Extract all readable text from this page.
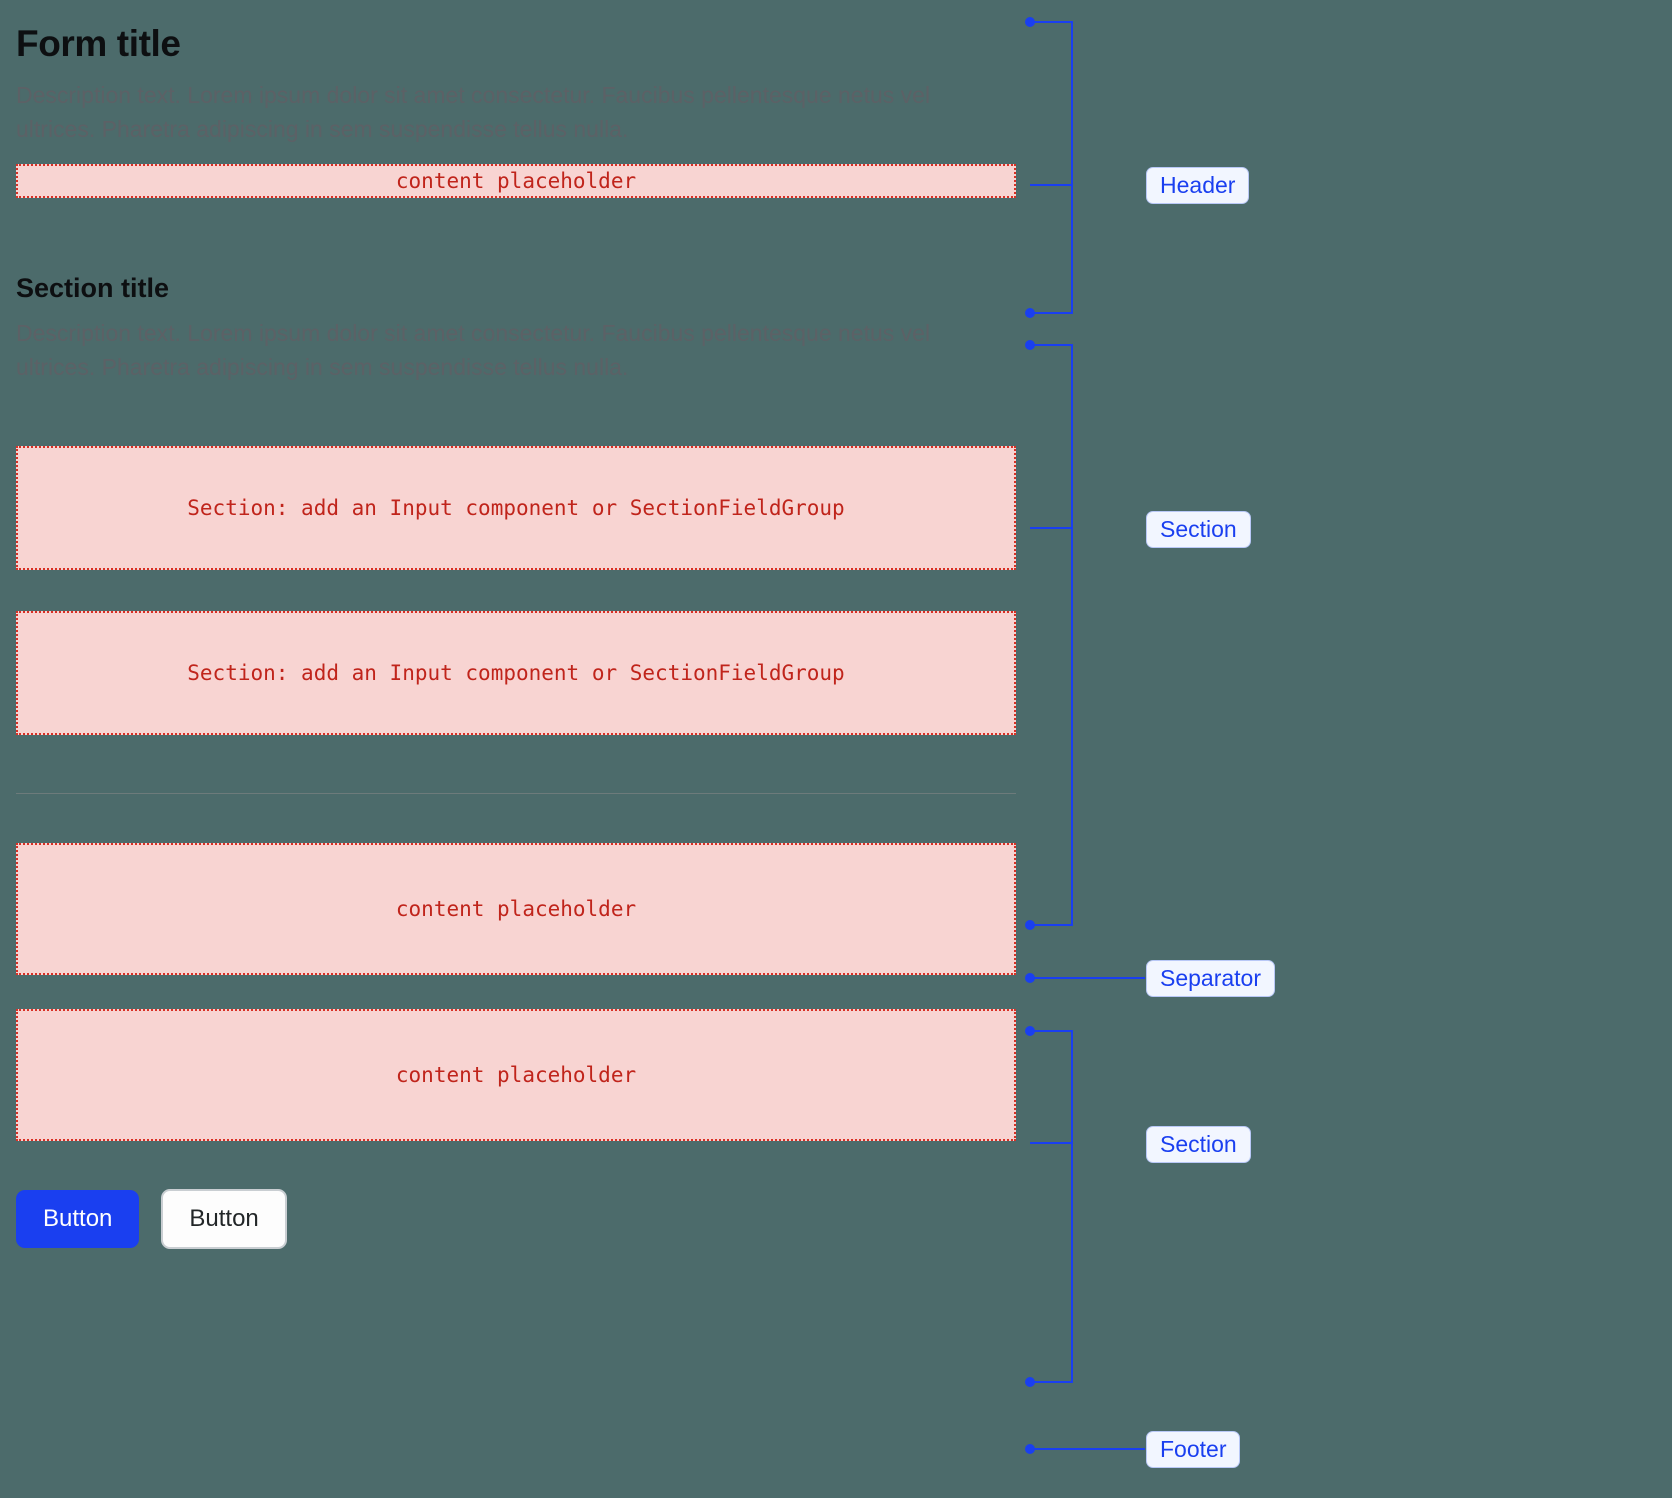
Form title

Description text. Lorem ipsum dolor sit amet consectetur. Faucibus pellentesque netus vel ultrices. Pharetra adipiscing in sem suspendisse tellus nulla.

content placeholder
Section title

Description text. Lorem ipsum dolor sit amet consectetur. Faucibus pellentesque netus vel ultrices. Pharetra adipiscing in sem suspendisse tellus nulla.

Section: add an Input component or SectionFieldGroup
Section: add an Input component or SectionFieldGroup
content placeholder
content placeholder
Button	Button
Header
Section
Separator
Section
Footer
